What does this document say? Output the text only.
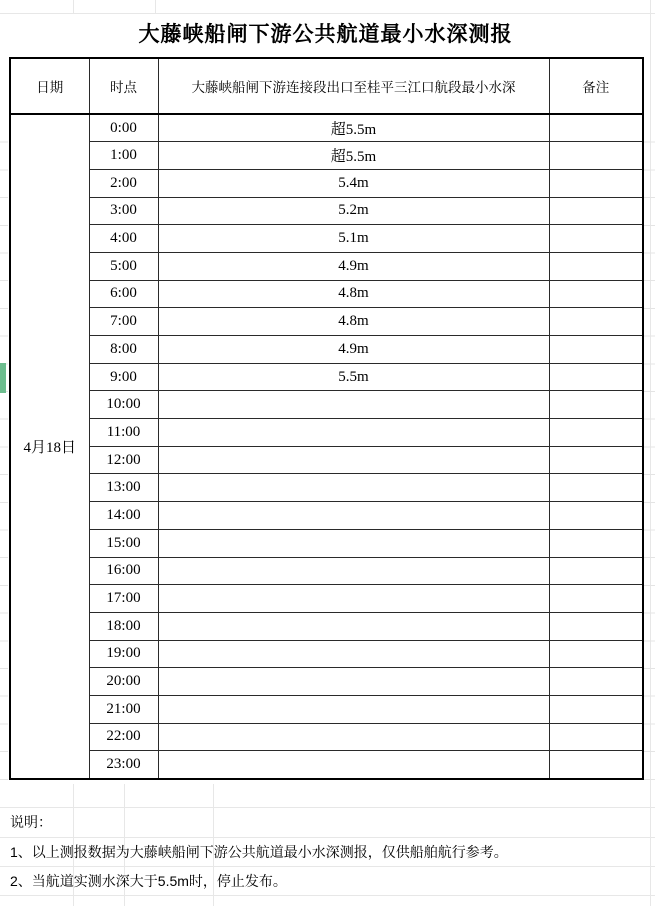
大藤峡船闸下游公共航道最小水深测报
日期	时点	大藤峡船闸下游连接段出口至桂平三江口航段最小水深	备注
4月18日	0:00	超5.5m	
	1:00	超5.5m	
	2:00	5.4m	
	3:00	5.2m	
	4:00	5.1m	
	5:00	4.9m	
	6:00	4.8m	
	7:00	4.8m	
	8:00	4.9m	
	9:00	5.5m	
	10:00		
	11:00		
	12:00		
	13:00		
	14:00		
	15:00		
	16:00		
	17:00		
	18:00		
	19:00		
	20:00		
	21:00		
	22:00		
	23:00		
说明：
1、以上测报数据为大藤峡船闸下游公共航道最小水深测报，仅供船舶航行参考。
2、当航道实测水深大于5.5m时，停止发布。
